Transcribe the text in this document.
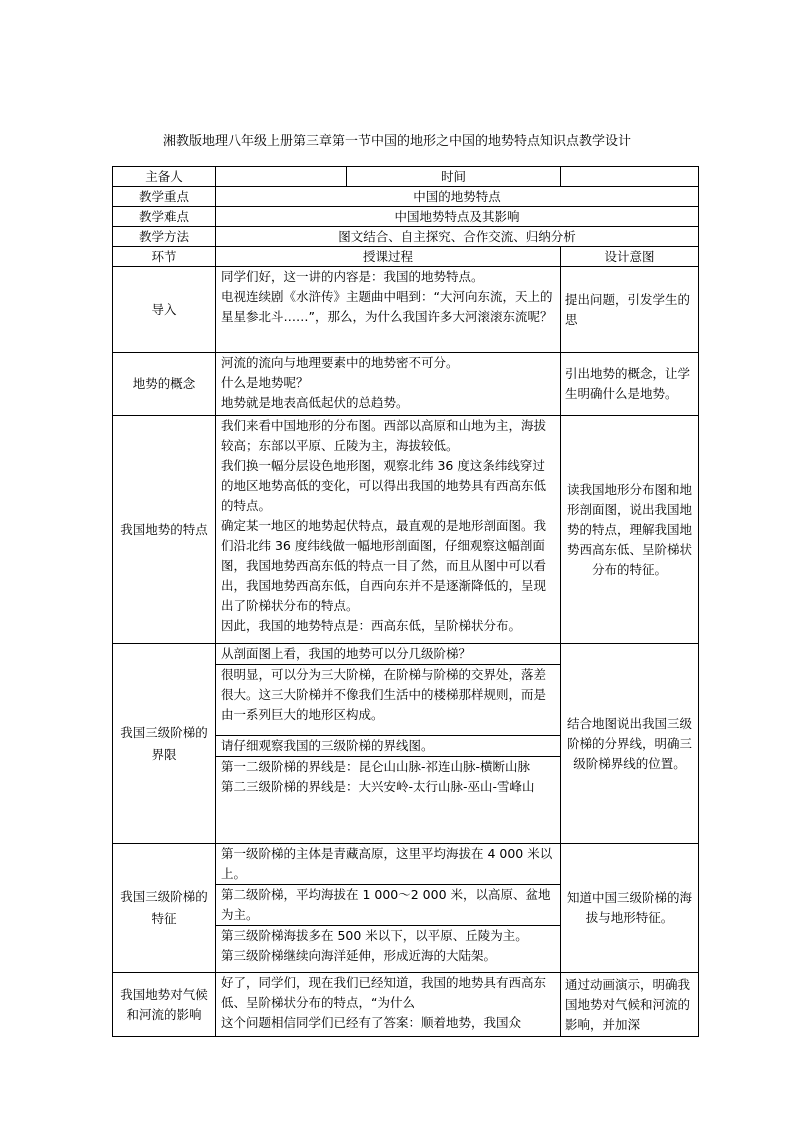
湘教版地理八年级上册第三章第一节中国的地形之中国的地势特点知识点教学设计
主备人		时间	
教学重点	中国的地势特点		
教学难点	中国地势特点及其影响		
教学方法	图文结合、自主探究、合作交流、归纳分析		
环节	授课过程		设计意图
导入	同学们好，这一讲的内容是：我国的地势特点。
电视连续剧《水浒传》主题曲中唱到：“大河向东流，天上的星星参北斗……”，那么，为什么我国许多大河滚滚东流呢？		提出问题，引发学生的思
地势的概念	河流的流向与地理要素中的地势密不可分。
什么是地势呢？
地势就是地表高低起伏的总趋势。		引出地势的概念，让学生明确什么是地势。
我国地势的特点	我们来看中国地形的分布图。西部以高原和山地为主，海拔较高；东部以平原、丘陵为主，海拔较低。
我们换一幅分层设色地形图，观察北纬 36 度这条纬线穿过的地区地势高低的变化，可以得出我国的地势具有西高东低的特点。
确定某一地区的地势起伏特点，最直观的是地形剖面图。我们沿北纬 36 度纬线做一幅地形剖面图，仔细观察这幅剖面图，我国地势西高东低的特点一目了然，而且从图中可以看出，我国地势西高东低，自西向东并不是逐渐降低的，呈现出了阶梯状分布的特点。
因此，我国的地势特点是：西高东低，呈阶梯状分布。		读我国地形分布图和地形剖面图，说出我国地势的特点，理解我国地势西高东低、呈阶梯状分布的特征。
我国三级阶梯的界限	从剖面图上看，我国的地势可以分几级阶梯？
很明显，可以分为三大阶梯，在阶梯与阶梯的交界处，落差很大。这三大阶梯并不像我们生活中的楼梯那样规则，而是由一系列巨大的地形区构成。
请仔细观察我国的三级阶梯的界线图。
第一二级阶梯的界线是：昆仑山山脉-祁连山脉-横断山脉
第二三级阶梯的界线是：大兴安岭-太行山脉-巫山-雪峰山		结合地图说出我国三级阶梯的分界线，明确三级阶梯界线的位置。
我国三级阶梯的特征	第一级阶梯的主体是青藏高原，这里平均海拔在 4 000 米以上。
第二级阶梯，平均海拔在 1 000～2 000 米，以高原、盆地为主。
第三级阶梯海拔多在 500 米以下，以平原、丘陵为主。
第三级阶梯继续向海洋延伸，形成近海的大陆架。		知道中国三级阶梯的海拔与地形特征。
我国地势对气候和河流的影响	好了，同学们，现在我们已经知道，我国的地势具有西高东低、呈阶梯状分布的特点，“为什么
这个问题相信同学们已经有了答案：顺着地势，我国众		通过动画演示，明确我国地势对气候和河流的影响，并加深
